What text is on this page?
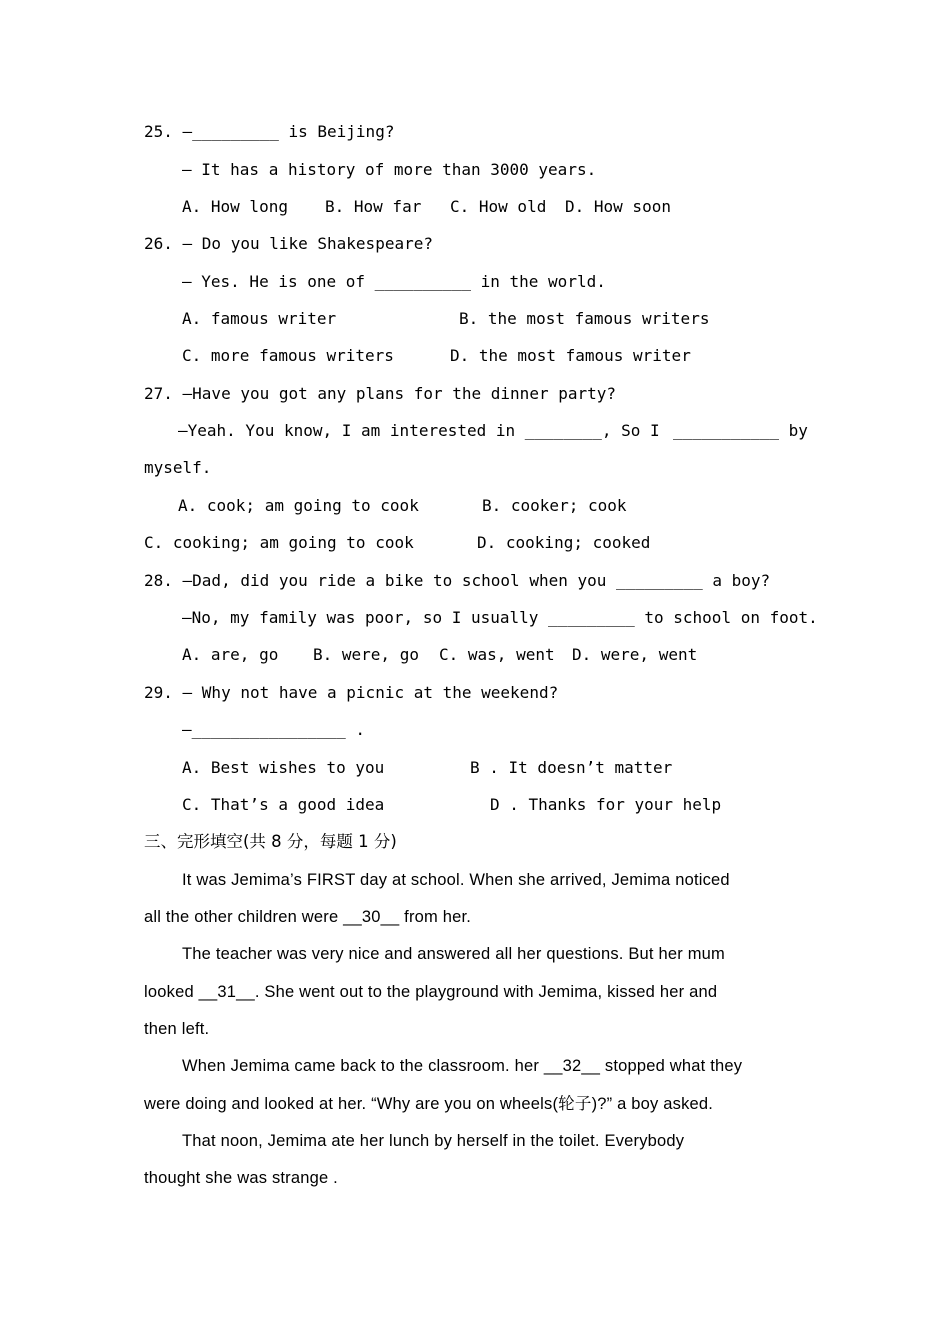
25. —_________ is Beijing?
— It has a history of more than 3000 years.
A. How long B. How far C. How old D. How soon
26. — Do you like Shakespeare?
— Yes. He is one of __________ in the world.
A. famous writer	B. the most famous writers
C. more famous writers	D. the most famous writer
27. —Have you got any plans for the dinner party?
—Yeah. You know, I am interested in ________, So I ___________ by
myself.
A. cook; am going to cook	B. cooker; cook
C. cooking; am going to cook	D. cooking; cooked
28. —Dad, did you ride a bike to school when you _________ a boy?
—No, my family was poor, so I usually _________ to school on foot.
A. are, go B. were, go C. was, went D. were, went
29. — Why not have a picnic at the weekend?
—________________ .
A. Best wishes to you	B . It doesn’t matter
C. That’s a good idea	D . Thanks for your help
三、完形填空(共 8 分，每题 1 分)
It was Jemima’s FIRST day at school. When she arrived, Jemima noticed
all the other children were __30__ from her.
The teacher was very nice and answered all her questions. But her mum
looked __31__. She went out to the playground with Jemima, kissed her and
then left.
When Jemima came back to the classroom. her __32__ stopped what they
were doing and looked at her. “Why are you on wheels(轮子)?” a boy asked.
That noon, Jemima ate her lunch by herself in the toilet. Everybody
thought she was strange .
